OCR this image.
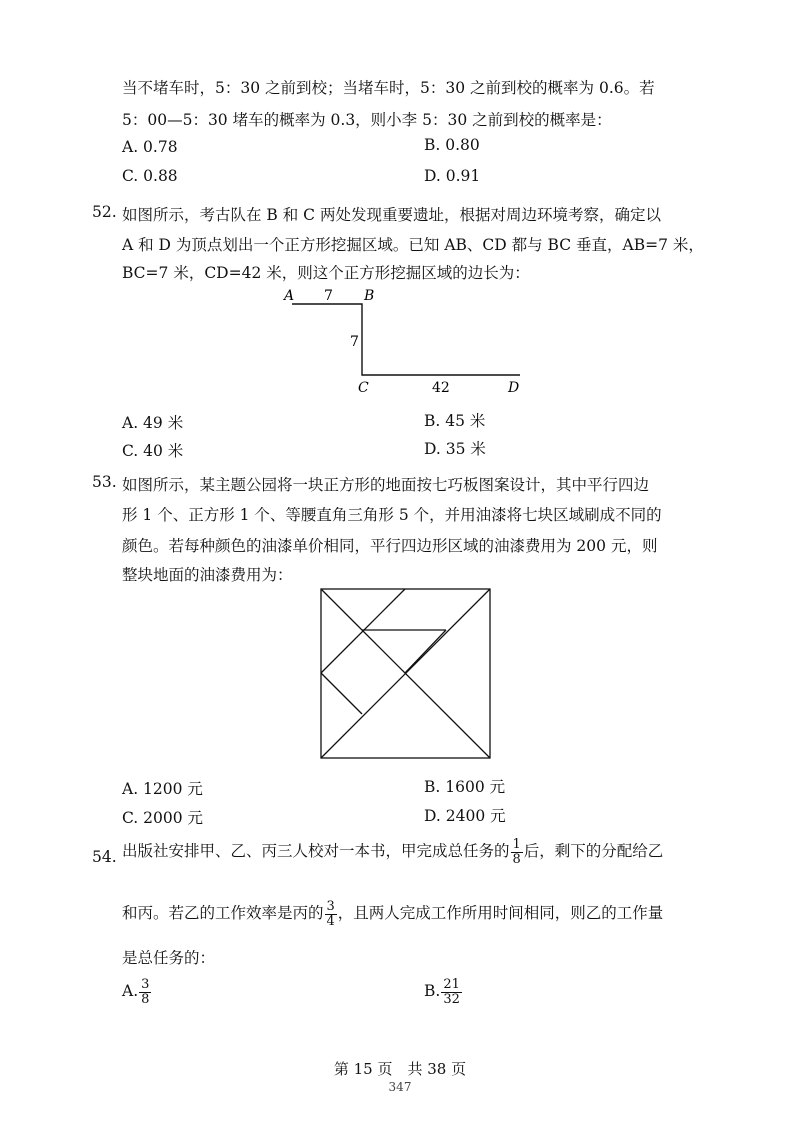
当不堵车时，5：30 之前到校；当堵车时，5：30 之前到校的概率为 0.6。若
5：00—5：30 堵车的概率为 0.3，则小李 5：30 之前到校的概率是：
A. 0.78	B. 0.80
C. 0.88	D. 0.91
52. 如图所示，考古队在 B 和 C 两处发现重要遗址，根据对周边环境考察，确定以
A 和 D 为顶点划出一个正方形挖掘区域。已知 AB、CD 都与 BC 垂直，AB=7 米，
BC=7 米，CD=42 米，则这个正方形挖掘区域的边长为：
A 7 B
7
C	42	D
A. 49 米	B. 45 米
C. 40 米	D. 35 米
53. 如图所示，某主题公园将一块正方形的地面按七巧板图案设计，其中平行四边
形 1 个、正方形 1 个、等腰直角三角形 5 个，并用油漆将七块区域刷成不同的
颜色。若每种颜色的油漆单价相同，平行四边形区域的油漆费用为 200 元，则
整块地面的油漆费用为：
A. 1200 元	B. 1600 元
C. 2000 元	D. 2400 元
54. 出版社安排甲、乙、丙三人校对一本书，甲完成总任务的 $\frac{1}{8}$ 后，剩下的分配给乙
和丙。若乙的工作效率是丙的 $\frac{3}{4}$ ，且两人完成工作所用时间相同，则乙的工作量
是总任务的：
A. $\frac{3}{8}$	B. $\frac{21}{32}$
第 15 页　共 38 页
347
